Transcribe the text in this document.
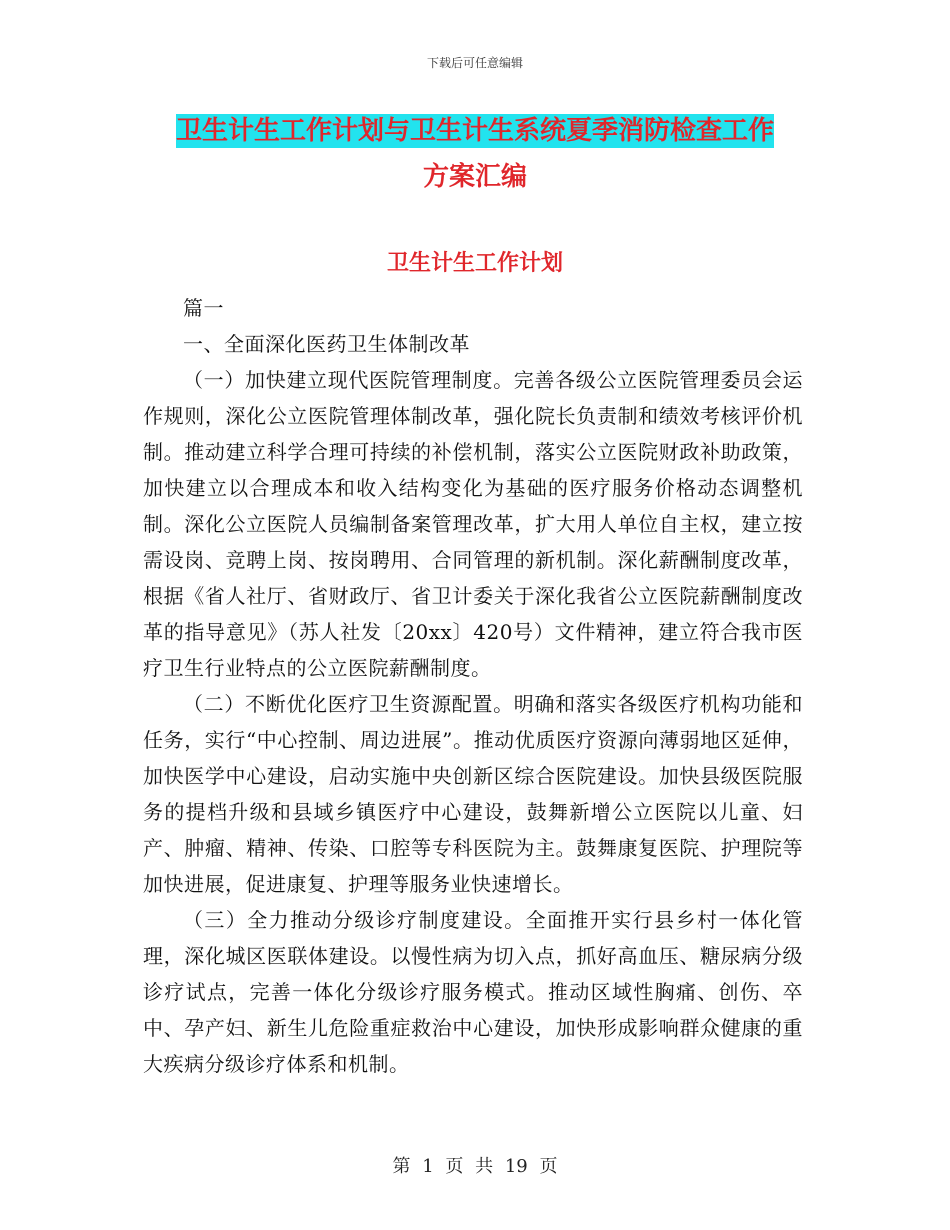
下载后可任意编辑
卫生计生工作计划与卫生计生系统夏季消防检查工作
方案汇编
卫生计生工作计划

篇一

一、全面深化医药卫生体制改革

（一）加快建立现代医院管理制度。完善各级公立医院管理委员会运作规则，深化公立医院管理体制改革，强化院长负责制和绩效考核评价机制。推动建立科学合理可持续的补偿机制，落实公立医院财政补助政策，加快建立以合理成本和收入结构变化为基础的医疗服务价格动态调整机制。深化公立医院人员编制备案管理改革，扩大用人单位自主权，建立按需设岗、竞聘上岗、按岗聘用、合同管理的新机制。深化薪酬制度改革，根据《省人社厅、省财政厅、省卫计委关于深化我省公立医院薪酬制度改革的指导意见》（苏人社发〔20xx〕420号）文件精神，建立符合我市医疗卫生行业特点的公立医院薪酬制度。

（二）不断优化医疗卫生资源配置。明确和落实各级医疗机构功能和任务，实行“中心控制、周边进展”。推动优质医疗资源向薄弱地区延伸，加快医学中心建设，启动实施中央创新区综合医院建设。加快县级医院服务的提档升级和县域乡镇医疗中心建设，鼓舞新增公立医院以儿童、妇产、肿瘤、精神、传染、口腔等专科医院为主。鼓舞康复医院、护理院等加快进展，促进康复、护理等服务业快速增长。

（三）全力推动分级诊疗制度建设。全面推开实行县乡村一体化管理，深化城区医联体建设。以慢性病为切入点，抓好高血压、糖尿病分级诊疗试点，完善一体化分级诊疗服务模式。推动区域性胸痛、创伤、卒中、孕产妇、新生儿危险重症救治中心建设，加快形成影响群众健康的重大疾病分级诊疗体系和机制。

第 1 页 共 19 页
